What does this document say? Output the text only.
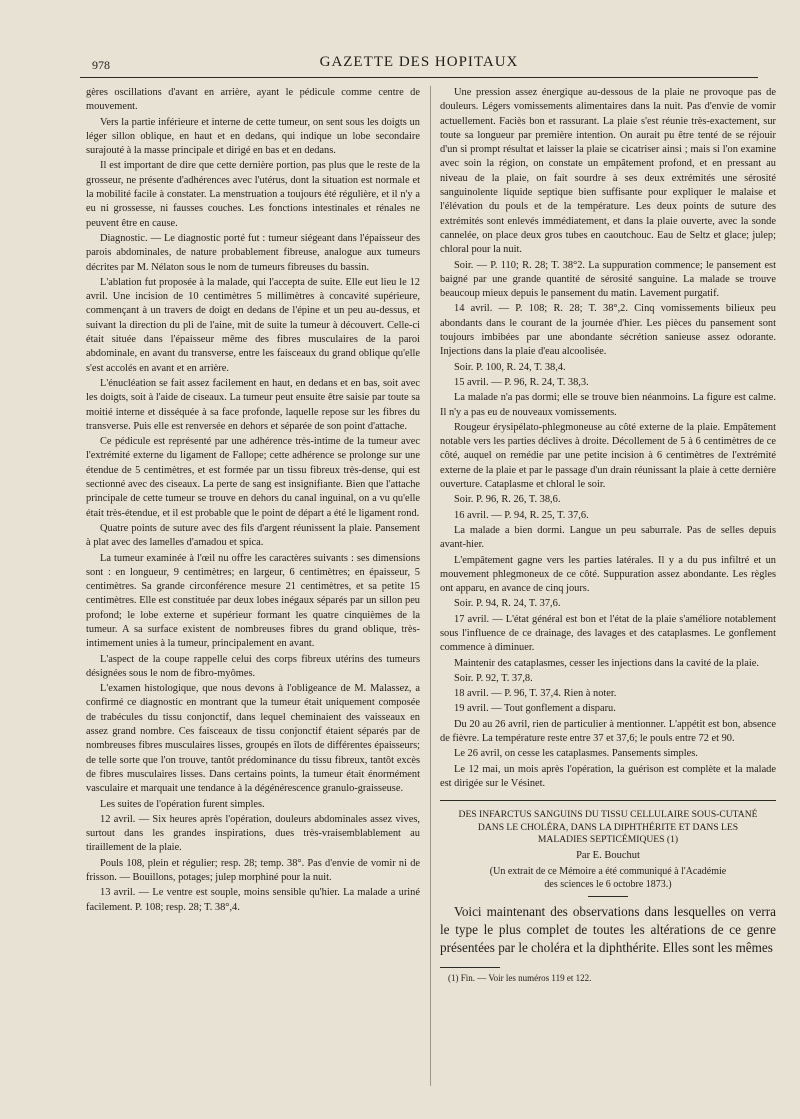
978	GAZETTE DES HOPITAUX

gères oscillations d'avant en arrière, ayant le pédicule comme centre de mouvement.

Vers la partie inférieure et interne de cette tumeur, on sent sous les doigts un léger sillon oblique, en haut et en dedans, qui indique un lobe secondaire surajouté à la masse principale et dirigé en bas et en dedans.

Il est important de dire que cette dernière portion, pas plus que le reste de la grosseur, ne présente d'adhérences avec l'utérus, dont la situation est normale et la mobilité facile à constater. La menstruation a toujours été régulière, et il n'y a eu ni grossesse, ni fausses couches. Les fonctions intestinales et rénales ne peuvent être en cause.

Diagnostic. — Le diagnostic porté fut : tumeur siégeant dans l'épaisseur des parois abdominales, de nature probablement fibreuse, analogue aux tumeurs décrites par M. Nélaton sous le nom de tumeurs fibreuses du bassin.

L'ablation fut proposée à la malade, qui l'accepta de suite. Elle eut lieu le 12 avril. Une incision de 10 centimètres 5 millimètres à concavité supérieure, commençant à un travers de doigt en dedans de l'épine et un peu au-dessus, et suivant la direction du pli de l'aine, mit de suite la tumeur à découvert. Celle-ci était située dans l'épaisseur même des fibres musculaires de la paroi abdominale, en avant du transverse, entre les faisceaux du grand oblique qu'elle s'est accolés en avant et en arrière.

L'énucléation se fait assez facilement en haut, en dedans et en bas, soit avec les doigts, soit à l'aide de ciseaux. La tumeur peut ensuite être saisie par toute sa moitié interne et disséquée à sa face profonde, laquelle repose sur les fibres du transverse. Puis elle est renversée en dehors et séparée de son point d'attache.

Ce pédicule est représenté par une adhérence très-intime de la tumeur avec l'extrémité externe du ligament de Fallope; cette adhérence se prolonge sur une étendue de 5 centimètres, et est formée par un tissu fibreux très-dense, qui est sectionné avec des ciseaux. La perte de sang est insignifiante. Bien que l'attache principale de cette tumeur se trouve en dehors du canal inguinal, on a vu qu'elle était très-étendue, et il est probable que le point de départ a été le ligament rond.

Quatre points de suture avec des fils d'argent réunissent la plaie. Pansement à plat avec des lamelles d'amadou et spica.

La tumeur examinée à l'œil nu offre les caractères suivants : ses dimensions sont : en longueur, 9 centimètres; en largeur, 6 centimètres; en épaisseur, 5 centimètres. Sa grande circonférence mesure 21 centimètres, et sa petite 15 centimètres. Elle est constituée par deux lobes inégaux séparés par un sillon peu profond; le lobe externe et supérieur formant les quatre cinquièmes de la tumeur. A sa surface existent de nombreuses fibres du grand oblique, très-intimement unies à la tumeur, principalement en avant.

L'aspect de la coupe rappelle celui des corps fibreux utérins des tumeurs désignées sous le nom de fibro-myômes.

L'examen histologique, que nous devons à l'obligeance de M. Malassez, a confirmé ce diagnostic en montrant que la tumeur était uniquement composée de trabécules du tissu conjonctif, dans lequel cheminaient des vaisseaux en assez grand nombre. Ces faisceaux de tissu conjonctif étaient séparés par de nombreuses fibres musculaires lisses, groupés en îlots de différentes épaisseurs; de telle sorte que l'on trouve, tantôt prédominance du tissu fibreux, tantôt excès de fibres musculaires lisses. Dans certains points, la tumeur était énormément vasculaire et marquait une tendance à la dégénérescence granulo-graisseuse.

Les suites de l'opération furent simples.

12 avril. — Six heures après l'opération, douleurs abdominales assez vives, surtout dans les grandes inspirations, dues très-vraisemblablement au tiraillement de la plaie.

Pouls 108, plein et régulier; resp. 28; temp. 38°. Pas d'envie de vomir ni de frisson. — Bouillons, potages; julep morphiné pour la nuit.

13 avril. — Le ventre est souple, moins sensible qu'hier. La malade a uriné facilement. P. 108; resp. 28; T. 38°,4.

Une pression assez énergique au-dessous de la plaie ne provoque pas de douleurs. Légers vomissements alimentaires dans la nuit. Pas d'envie de vomir actuellement. Faciès bon et rassurant. La plaie s'est réunie très-exactement, sur toute sa longueur par première intention. On aurait pu être tenté de se réjouir d'un si prompt résultat et laisser la plaie se cicatriser ainsi ; mais si l'on examine avec soin la région, on constate un empâtement profond, et en pressant au niveau de la plaie, on fait sourdre à ses deux extrémités une sérosité sanguinolente liquide septique bien suffisante pour expliquer le malaise et l'élévation du pouls et de la température. Les deux points de suture des extrémités sont enlevés immédiatement, et dans la plaie ouverte, avec la sonde cannelée, on place deux gros tubes en caoutchouc. Eau de Seltz et glace; julep; chloral pour la nuit.

Soir. — P. 110; R. 28; T. 38°2. La suppuration commence; le pansement est baigné par une grande quantité de sérosité sanguine. La malade se trouve beaucoup mieux depuis le pansement du matin. Lavement purgatif.

14 avril. — P. 108; R. 28; T. 38°,2. Cinq vomissements bilieux peu abondants dans le courant de la journée d'hier. Les pièces du pansement sont toujours imbibées par une abondante sécrétion sanieuse assez odorante. Injections dans la plaie d'eau alcoolisée.

Soir. P. 100, R. 24, T. 38,4.

15 avril. — P. 96, R. 24, T. 38,3.

La malade n'a pas dormi; elle se trouve bien néanmoins. La figure est calme. Il n'y a pas eu de nouveaux vomissements.

Rougeur érysipélato-phlegmoneuse au côté externe de la plaie. Empâtement notable vers les parties déclives à droite. Décollement de 5 à 6 centimètres de ce côté, auquel on remédie par une petite incision à 6 centimètres de l'extrémité externe de la plaie et par le passage d'un drain réunissant la plaie à cette dernière ouverture. Cataplasme et chloral le soir.

Soir. P. 96, R. 26, T. 38,6.

16 avril. — P. 94, R. 25, T. 37,6.

La malade a bien dormi. Langue un peu saburrale. Pas de selles depuis avant-hier.

L'empâtement gagne vers les parties latérales. Il y a du pus infiltré et un mouvement phlegmoneux de ce côté. Suppuration assez abondante. Les règles ont apparu, en avance de cinq jours.

Soir. P. 94, R. 24, T. 37,6.

17 avril. — L'état général est bon et l'état de la plaie s'améliore notablement sous l'influence de ce drainage, des lavages et des cataplasmes. Le gonflement commence à diminuer.

Maintenir des cataplasmes, cesser les injections dans la cavité de la plaie.

Soir. P. 92, T. 37,8.

18 avril. — P. 96, T. 37,4. Rien à noter.

19 avril. — Tout gonflement a disparu.

Du 20 au 26 avril, rien de particulier à mentionner. L'appétit est bon, absence de fièvre. La température reste entre 37 et 37,6; le pouls entre 72 et 90.

Le 26 avril, on cesse les cataplasmes. Pansements simples.

Le 12 mai, un mois après l'opération, la guérison est complète et la malade est dirigée sur le Vésinet.

DES INFARCTUS SANGUINS DU TISSU CELLULAIRE SOUS-CUTANÉ
DANS LE CHOLÉRA, DANS LA DIPHTHÉRITE ET DANS LES
MALADIES SEPTICÉMIQUES (1)
Par E. Bouchut
(Un extrait de ce Mémoire a été communiqué à l'Académie
des sciences le 6 octobre 1873.)

Voici maintenant des observations dans lesquelles on verra le type le plus complet de toutes les altérations de ce genre présentées par le choléra et la diphthérite. Elles sont les mêmes

(1) Fin. — Voir les numéros 119 et 122.
